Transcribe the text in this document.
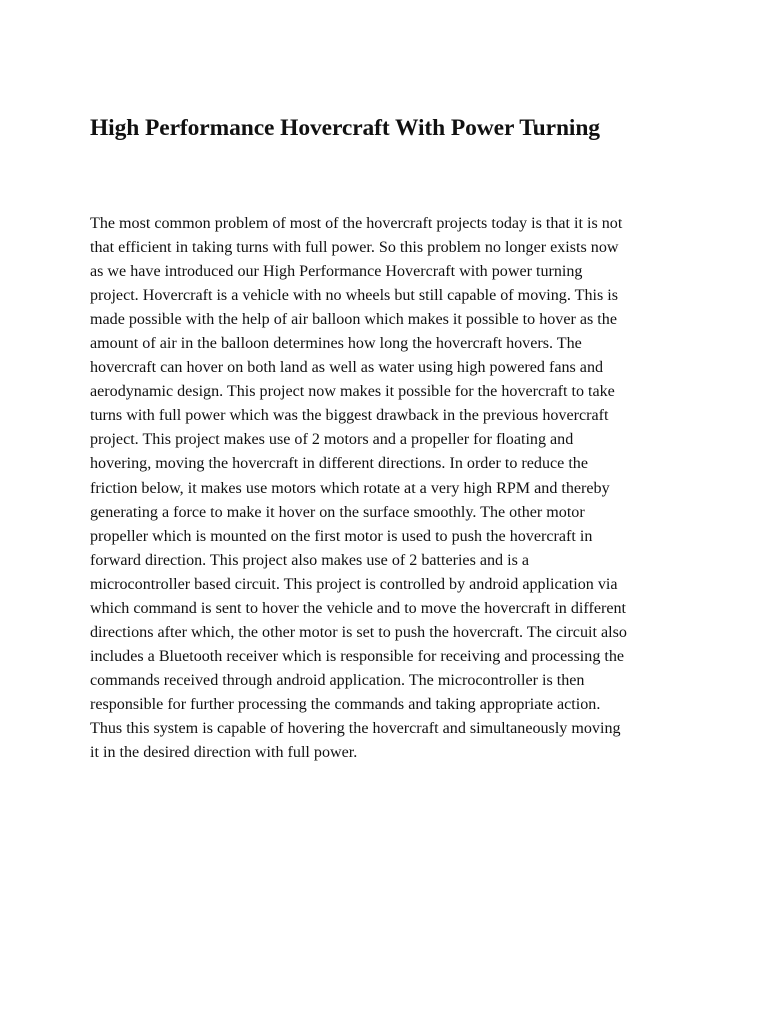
High Performance Hovercraft With Power Turning

The most common problem of most of the hovercraft projects today is that it is not
that efficient in taking turns with full power. So this problem no longer exists now
as we have introduced our High Performance Hovercraft with power turning
project. Hovercraft is a vehicle with no wheels but still capable of moving. This is
made possible with the help of air balloon which makes it possible to hover as the
amount of air in the balloon determines how long the hovercraft hovers. The
hovercraft can hover on both land as well as water using high powered fans and
aerodynamic design. This project now makes it possible for the hovercraft to take
turns with full power which was the biggest drawback in the previous hovercraft
project. This project makes use of 2 motors and a propeller for floating and
hovering, moving the hovercraft in different directions. In order to reduce the
friction below, it makes use motors which rotate at a very high RPM and thereby
generating a force to make it hover on the surface smoothly. The other motor
propeller which is mounted on the first motor is used to push the hovercraft in
forward direction. This project also makes use of 2 batteries and is a
microcontroller based circuit. This project is controlled by android application via
which command is sent to hover the vehicle and to move the hovercraft in different
directions after which, the other motor is set to push the hovercraft. The circuit also
includes a Bluetooth receiver which is responsible for receiving and processing the
commands received through android application. The microcontroller is then
responsible for further processing the commands and taking appropriate action.
Thus this system is capable of hovering the hovercraft and simultaneously moving
it in the desired direction with full power.
